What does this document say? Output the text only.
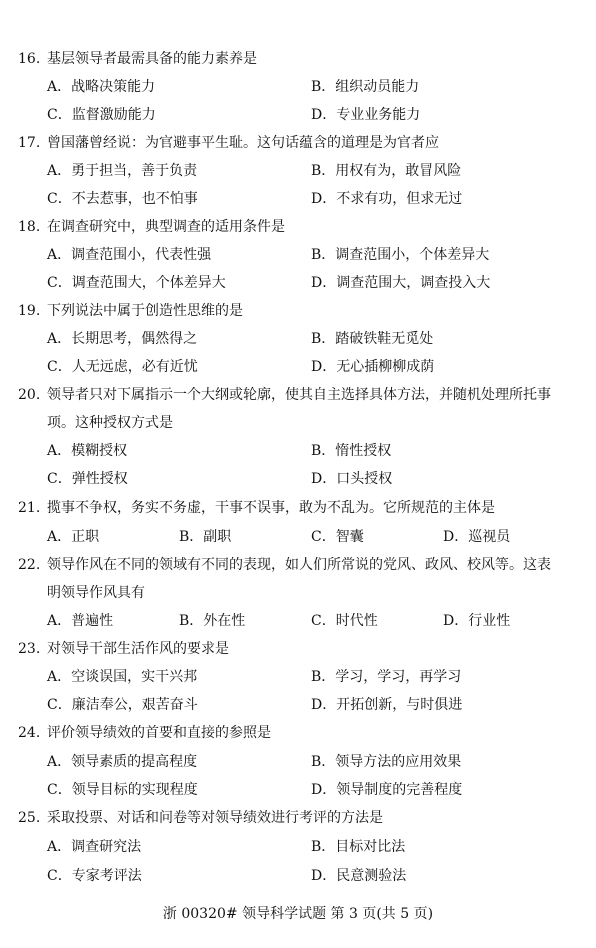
16. 基层领导者最需具备的能力素养是
A．战略决策能力	B．组织动员能力
C．监督激励能力	D．专业业务能力
17. 曾国藩曾经说：为官避事平生耻。这句话蕴含的道理是为官者应
A．勇于担当，善于负责	B．用权有为，敢冒风险
C．不去惹事，也不怕事	D．不求有功，但求无过
18. 在调查研究中，典型调查的适用条件是
A．调查范围小，代表性强	B．调查范围小，个体差异大
C．调查范围大，个体差异大	D．调查范围大，调查投入大
19. 下列说法中属于创造性思维的是
A．长期思考，偶然得之	B．踏破铁鞋无觅处
C．人无远虑，必有近忧	D．无心插柳柳成荫
20. 领导者只对下属指示一个大纲或轮廓，使其自主选择具体方法，并随机处理所托事
项。这种授权方式是
A．模糊授权	B．惰性授权
C．弹性授权	D．口头授权
21. 揽事不争权，务实不务虚，干事不误事，敢为不乱为。它所规范的主体是
A．正职	B．副职	C．智囊	D．巡视员
22. 领导作风在不同的领域有不同的表现，如人们所常说的党风、政风、校风等。这表
明领导作风具有
A．普遍性	B．外在性	C．时代性	D．行业性
23. 对领导干部生活作风的要求是
A．空谈误国，实干兴邦	B．学习，学习，再学习
C．廉洁奉公，艰苦奋斗	D．开拓创新，与时俱进
24. 评价领导绩效的首要和直接的参照是
A．领导素质的提高程度	B．领导方法的应用效果
C．领导目标的实现程度	D．领导制度的完善程度
25. 采取投票、对话和问卷等对领导绩效进行考评的方法是
A．调查研究法	B．目标对比法
C．专家考评法	D．民意测验法
浙 00320# 领导科学试题 第 3 页(共 5 页)
